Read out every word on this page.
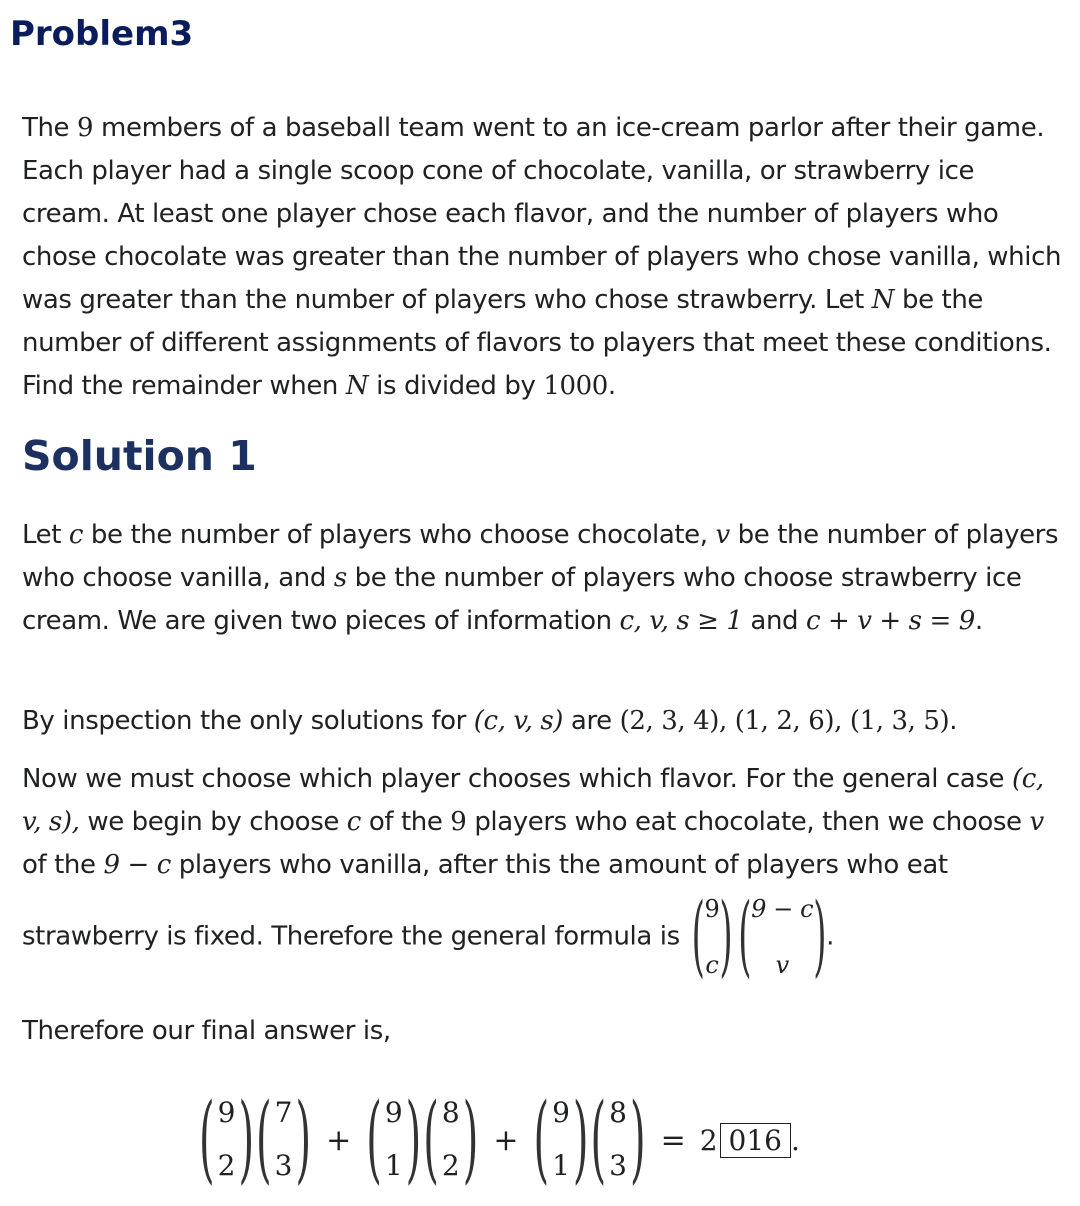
Problem3

The 9 members of a baseball team went to an ice-cream parlor after their game. Each player had a single scoop cone of chocolate, vanilla, or strawberry ice cream. At least one player chose each flavor, and the number of players who chose chocolate was greater than the number of players who chose vanilla, which was greater than the number of players who chose strawberry. Let N be the number of different assignments of flavors to players that meet these conditions. Find the remainder when N is divided by 1000.

Solution 1

Let c be the number of players who choose chocolate, v be the number of players who choose vanilla, and s be the number of players who choose strawberry ice cream. We are given two pieces of information c, v, s ≥ 1 and c + v + s = 9.

By inspection the only solutions for (c, v, s) are (2, 3, 4), (1, 2, 6), (1, 3, 5).

Now we must choose which player chooses which flavor. For the general case (c, v, s), we begin by choose c of the 9 players who eat chocolate, then we choose v of the 9 − c players who vanilla, after this the amount of players who eat strawberry is fixed. Therefore the general formula is ( 9
c ) ( 9 − c
v ) .

Therefore our final answer is,

( 9
2 ) ( 7
3 ) + ( 9
1 ) ( 8
2 ) + ( 9
1 ) ( 8
3 ) = 2 016 .
